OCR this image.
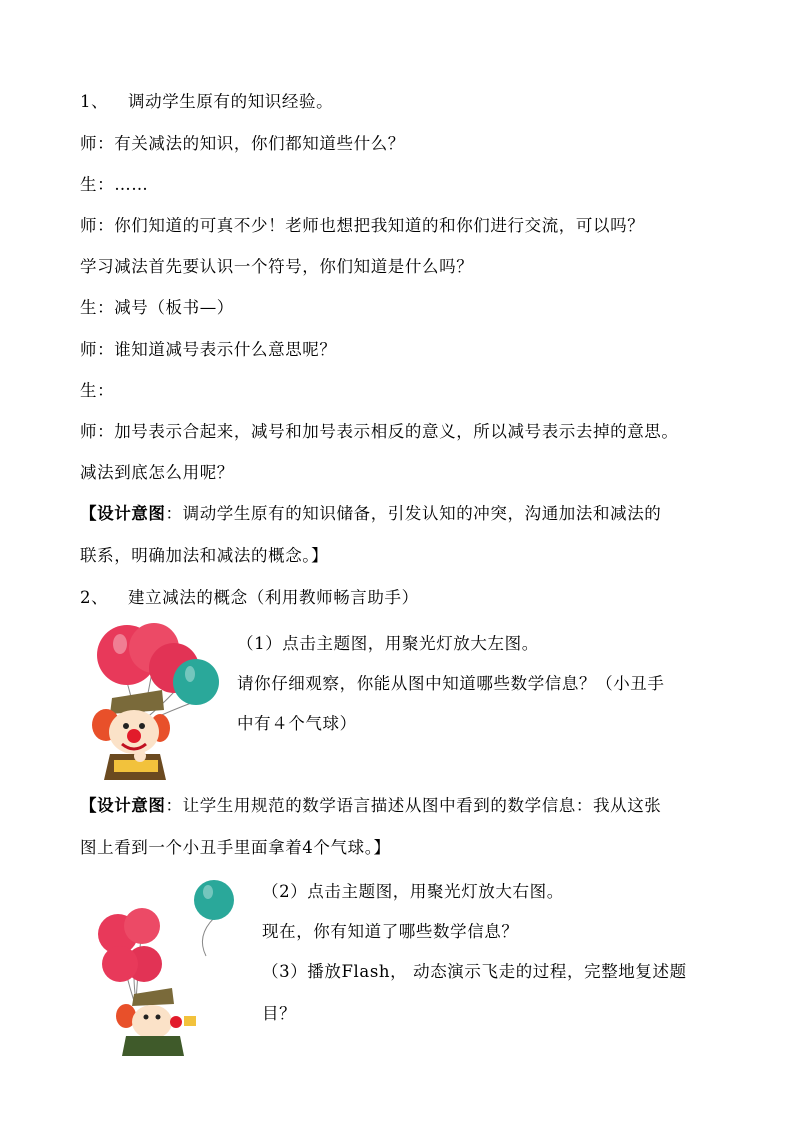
1、 调动学生原有的知识经验。
师：有关减法的知识，你们都知道些什么？
生：……
师：你们知道的可真不少！老师也想把我知道的和你们进行交流，可以吗？
学习减法首先要认识一个符号，你们知道是什么吗？
生：减号（板书—）
师：谁知道减号表示什么意思呢？
生：
师：加号表示合起来，减号和加号表示相反的意义，所以减号表示去掉的意思。
减法到底怎么用呢？
【设计意图：调动学生原有的知识储备，引发认知的冲突，沟通加法和减法的
联系，明确加法和减法的概念。】
2、 建立减法的概念（利用教师畅言助手）
（1）点击主题图，用聚光灯放大左图。
请你仔细观察，你能从图中知道哪些数学信息？（小丑手
中有４个气球）
【设计意图：让学生用规范的数学语言描述从图中看到的数学信息：我从这张
图上看到一个小丑手里面拿着4个气球。】
（2）点击主题图，用聚光灯放大右图。
现在，你有知道了哪些数学信息？
（3）播放Flash， 动态演示飞走的过程，完整地复述题
目？
